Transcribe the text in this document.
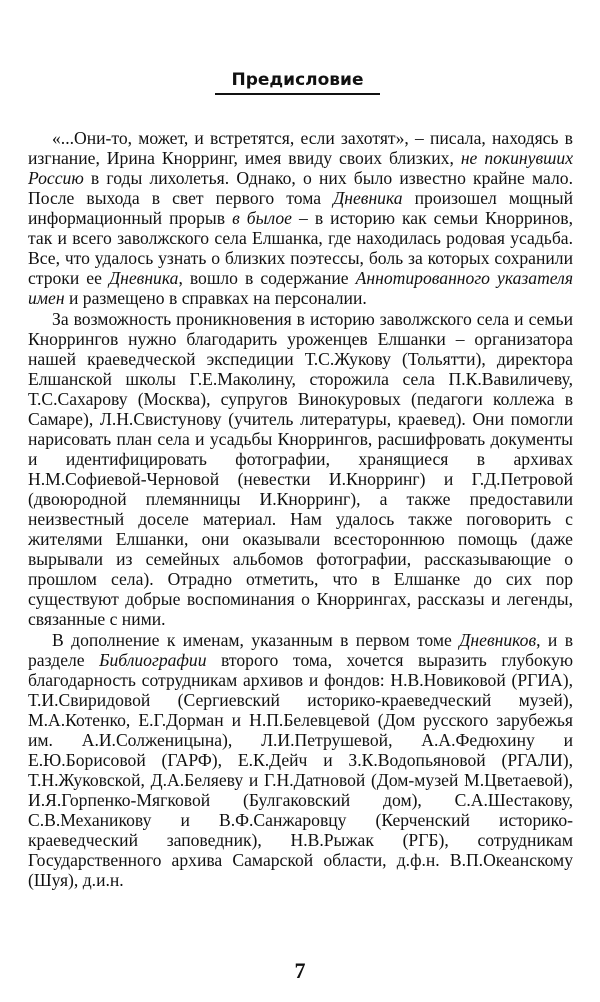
Предисловие

«...Они-то, может, и встретятся, если захотят», – писала, находясь в изгнание, Ирина Кнорринг, имея ввиду своих близких, не покинувших Россию в годы лихолетья. Однако, о них было известно крайне мало. После выхода в свет первого тома Дневника произошел мощный информационный прорыв в былое – в историю как семьи Кнорринов, так и всего заволжского села Елшанка, где находилась родовая усадьба. Все, что удалось узнать о близких поэтессы, боль за которых сохранили строки ее Дневника, вошло в содержание Аннотированного указателя имен и размещено в справках на персоналии.

За возможность проникновения в историю заволжского села и семьи Кноррингов нужно благодарить уроженцев Елшанки – организатора нашей краеведческой экспедиции Т.С.Жукову (Тольятти), директора Елшанской школы Г.Е.Маколину, сторожила села П.К.Вавиличеву, Т.С.Сахарову (Москва), супругов Винокуровых (педагоги коллежа в Самаре), Л.Н.Свистунову (учитель литературы, краевед). Они помогли нарисовать план села и усадьбы Кноррингов, расшифровать документы и идентифицировать фотографии, хранящиеся в архивах Н.М.Софиевой-Черновой (невестки И.Кнорринг) и Г.Д.Петровой (двоюродной племянницы И.Кнорринг), а также предоставили неизвестный доселе материал. Нам удалось также поговорить с жителями Елшанки, они оказывали всестороннюю помощь (даже вырывали из семейных альбомов фотографии, рассказывающие о прошлом села). Отрадно отметить, что в Елшанке до сих пор существуют добрые воспоминания о Кноррингах, рассказы и легенды, связанные с ними.

В дополнение к именам, указанным в первом томе Дневников, и в разделе Библиографии второго тома, хочется выразить глубокую благодарность сотрудникам архивов и фондов: Н.В.Новиковой (РГИА), Т.И.Свиридовой (Сергиевский историко-краеведческий музей), М.А.Котенко, Е.Г.Дорман и Н.П.Белевцевой (Дом русского зарубежья им. А.И.Солженицына), Л.И.Петрушевой, А.А.Федюхину и Е.Ю.Борисовой (ГАРФ), Е.К.Дейч и З.К.Водопьяновой (РГАЛИ), Т.Н.Жуковской, Д.А.Беляеву и Г.Н.Датновой (Дом-музей М.Цветаевой), И.Я.Горпенко-Мягковой (Булгаковский дом), С.А.Шестакову, С.В.Механикову и В.Ф.Санжаровцу (Керченский историко-краеведческий заповедник), Н.В.Рыжак (РГБ), сотрудникам Государственного архива Самарской области, д.ф.н. В.П.Океанскому (Шуя), д.и.н.

7
